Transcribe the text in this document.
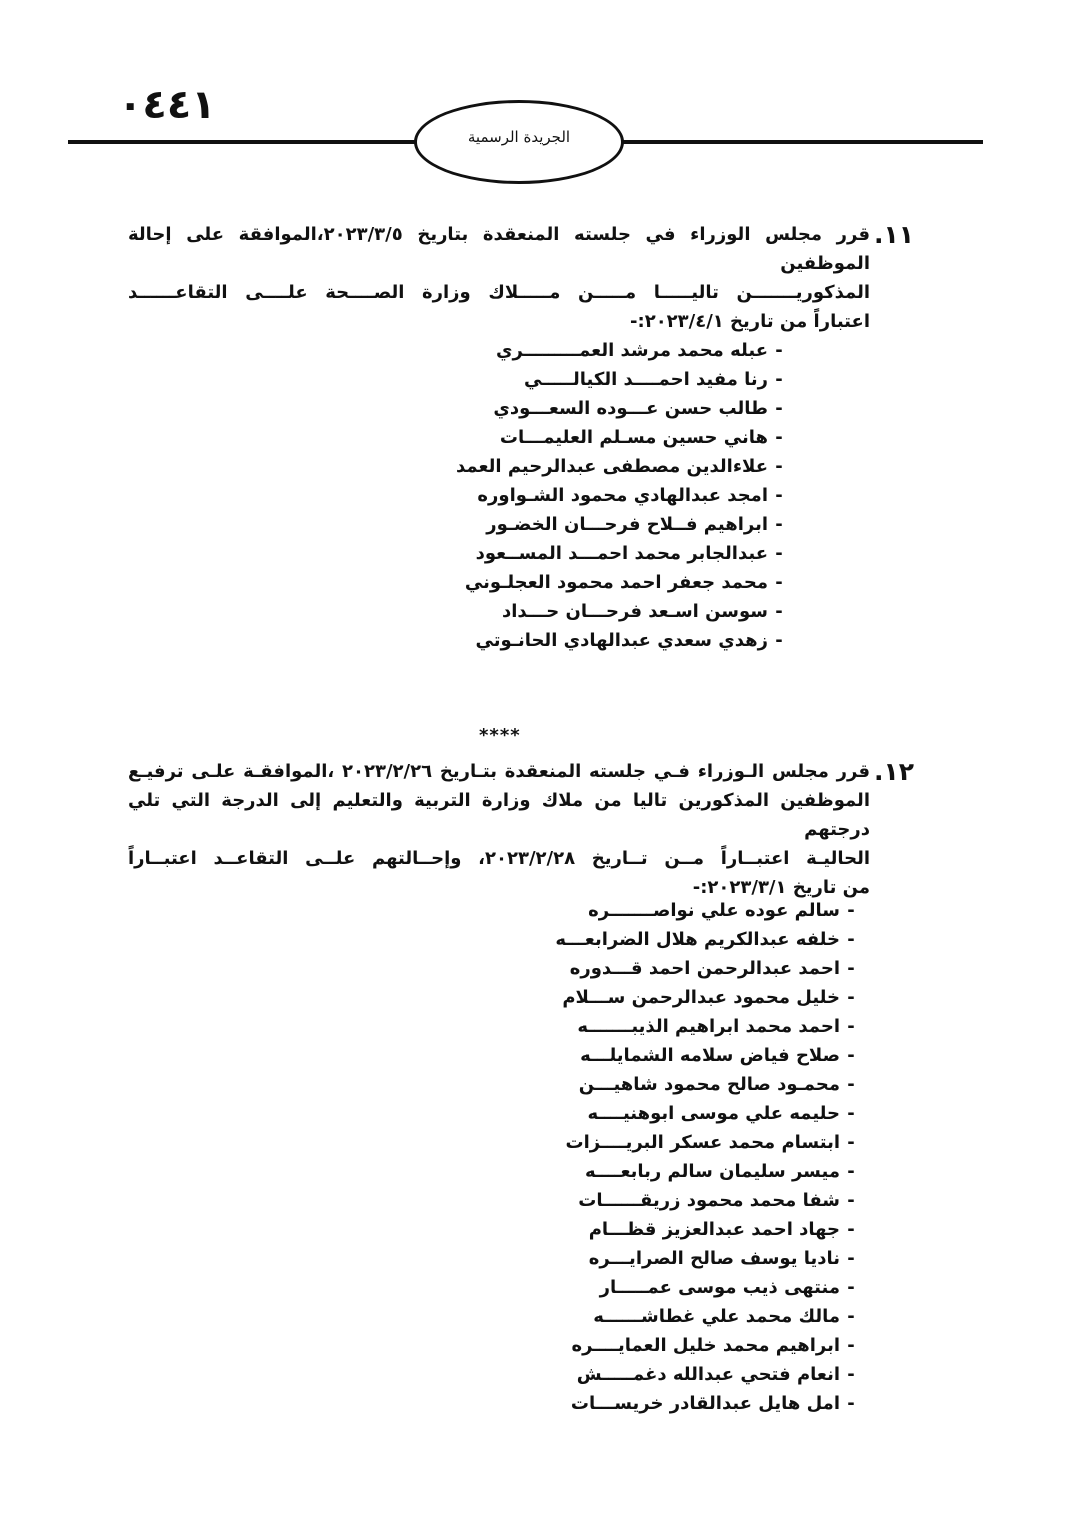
١٤٤٠
الجريدة الرسمية
١١.
قرر مجلس الوزراء في جلسته المنعقدة بتاريخ ٢٠٢٣/٣/٥،الموافقة على إحالة الموظفين
المذكوريـــــــن تاليـــــا مـــــن مـــــلاك وزارة الصــــحة علــــى التقاعــــــد
اعتباراً من تاريخ ٢٠٢٣/٤/١:-
-عبله محمد مرشد العمـــــــــري
-رنا مفيد احمــــد الكيالـــــي
-طالب حسن عـــوده السعـــودي
-هاني حسين مسـلم العليمـــات
-علاءالدين مصطفى عبدالرحيم العمد
-امجد عبدالهادي محمود الشـواوره
-ابراهيم فــلاح فرحـــان الخضـور
-عبدالجابر محمد احمـــد المســعود
-محمد جعفر احمد محمود العجلـوني
-سوسن اسـعد فرحـــان حـــداد
-زهدي سعدي عبدالهادي الحانـوتي
****
١٢.
قرر مجلس الـوزراء فـي جلسته المنعقدة بتـاريخ ٢٠٢٣/٢/٢٦ ،الموافقـة علـى ترفيـع
الموظفين المذكورين تاليا من ملاك وزارة التربية والتعليم إلى الدرجة التي تلي درجتهم
الحاليـة اعتبــاراً مــن تــاريخ ٢٠٢٣/٢/٢٨، وإحــالتهم علــى التقاعــد اعتبــاراً
من تاريخ ٢٠٢٣/٣/١:-
-سالم عوده علي نواصـــــــره
-خلفه عبدالكريم هلال الضرابعـــه
-احمد عبدالرحمن احمد قـــدوره
-خليل محمود عبدالرحمن ســـلام
-احمد محمد ابراهيم الذيبـــــــه
-صلاح فياض سلامه الشمايلـــه
-محمـود صالح محمود شاهيـــن
-حليمه علي موسى ابوهنيــــه
-ابتسام محمد عسكر البريــــزات
-ميسر سليمان سالم ربابعــــه
-شفا محمد محمود زريقــــــات
-جهاد احمد عبدالعزيز قظـــام
-ناديا يوسف صالح الصرايـــره
-منتهى ذيب موسى عمـــــار
-مالك محمد علي غطاشــــــه
-ابراهيم محمد خليل العمايــــره
-انعام فتحي عبدالله دغمـــــش
-امل هايل عبدالقادر خريســـات
